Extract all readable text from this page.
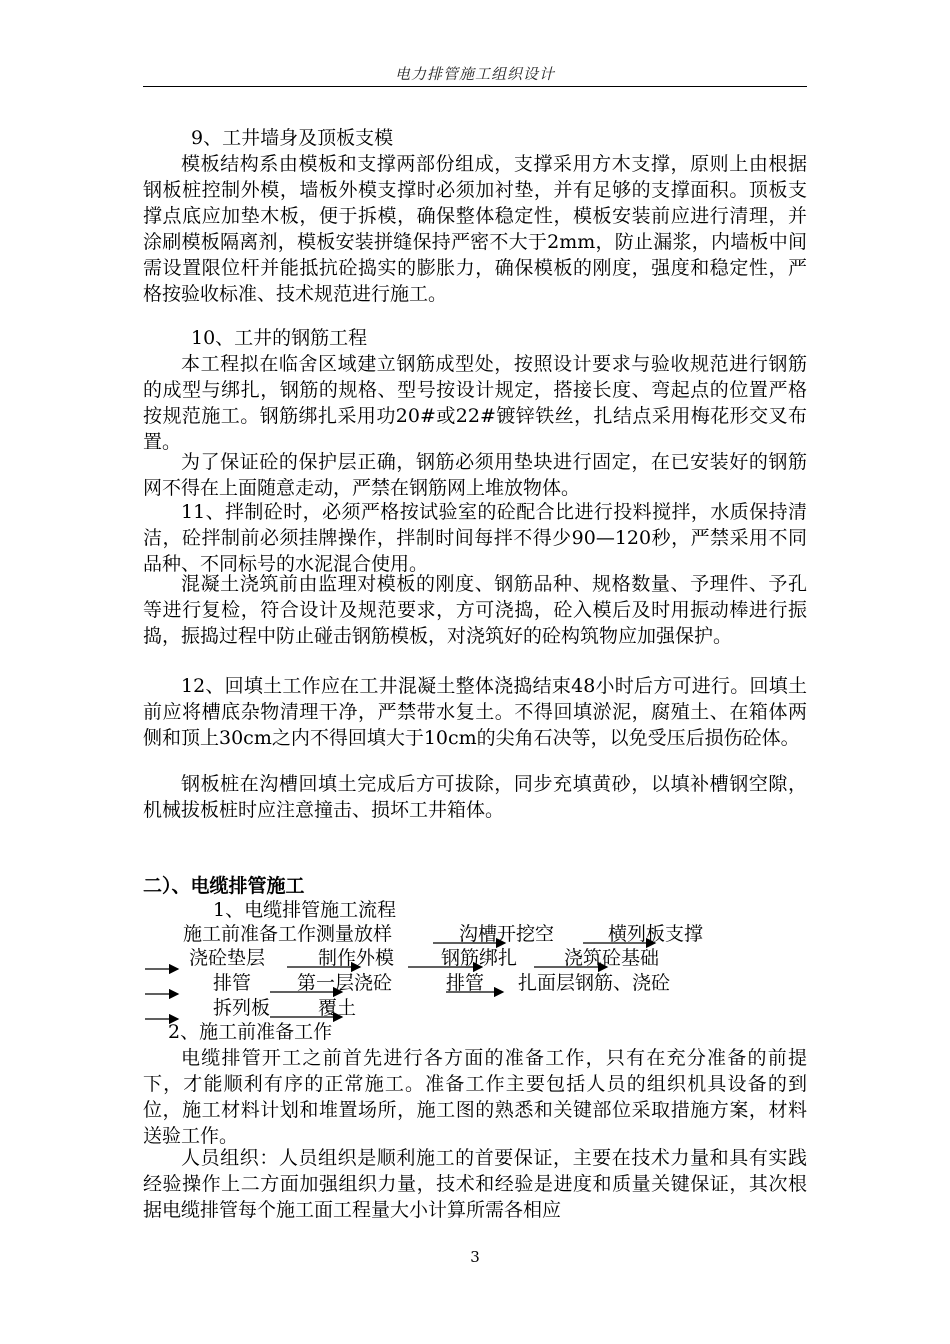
电力排管施工组织设计
9、工井墙身及顶板支模
模板结构系由模板和支撑两部份组成，支撑采用方木支撑，原则上由根据钢板桩控制外模，墙板外模支撑时必须加衬垫，并有足够的支撑面积。顶板支撑点底应加垫木板，便于拆模，确保整体稳定性，模板安装前应进行清理，并涂刷模板隔离剂，模板安装拼缝保持严密不大于2mm，防止漏浆，内墙板中间需设置限位杆并能抵抗砼捣实的膨胀力，确保模板的刚度，强度和稳定性，严格按验收标准、技术规范进行施工。
10、工井的钢筋工程
本工程拟在临舍区域建立钢筋成型处，按照设计要求与验收规范进行钢筋的成型与绑扎，钢筋的规格、型号按设计规定，搭接长度、弯起点的位置严格按规范施工。钢筋绑扎采用功20#或22#镀锌铁丝，扎结点采用梅花形交叉布置。
为了保证砼的保护层正确，钢筋必须用垫块进行固定，在已安装好的钢筋网不得在上面随意走动，严禁在钢筋网上堆放物体。
11、拌制砼时，必须严格按试验室的砼配合比进行投料搅拌，水质保持清洁，砼拌制前必须挂牌操作，拌制时间每拌不得少90—120秒，严禁采用不同品种、不同标号的水泥混合使用。
混凝土浇筑前由监理对模板的刚度、钢筋品种、规格数量、予理件、予孔等进行复检，符合设计及规范要求，方可浇捣，砼入模后及时用振动棒进行振捣，振捣过程中防止碰击钢筋模板，对浇筑好的砼构筑物应加强保护。
12、回填土工作应在工井混凝土整体浇捣结束48小时后方可进行。回填土前应将槽底杂物清理干净，严禁带水复土。不得回填淤泥，腐殖土、在箱体两侧和顶上30cm之内不得回填大于10cm的尖角石决等，以免受压后损伤砼体。
钢板桩在沟槽回填土完成后方可拔除，同步充填黄砂，以填补槽钢空隙，机械拔板桩时应注意撞击、损坏工井箱体。
二）、电缆排管施工
1、电缆排管施工流程
施工前准备工作测量放样	沟槽开挖空	横列板支撑
浇砼垫层	制作外模 钢筋绑扎 浇筑砼基础
排管 第一层浇砼	排管 扎面层钢筋、浇砼
拆列板	覆土
2、施工前准备工作
电缆排管开工之前首先进行各方面的准备工作，只有在充分准备的前提下，才能顺利有序的正常施工。准备工作主要包括人员的组织机具设备的到位，施工材料计划和堆置场所，施工图的熟悉和关键部位采取措施方案，材料送验工作。
人员组织：人员组织是顺利施工的首要保证，主要在技术力量和具有实践经验操作上二方面加强组织力量，技术和经验是进度和质量关键保证，其次根据电缆排管每个施工面工程量大小计算所需各相应
3
